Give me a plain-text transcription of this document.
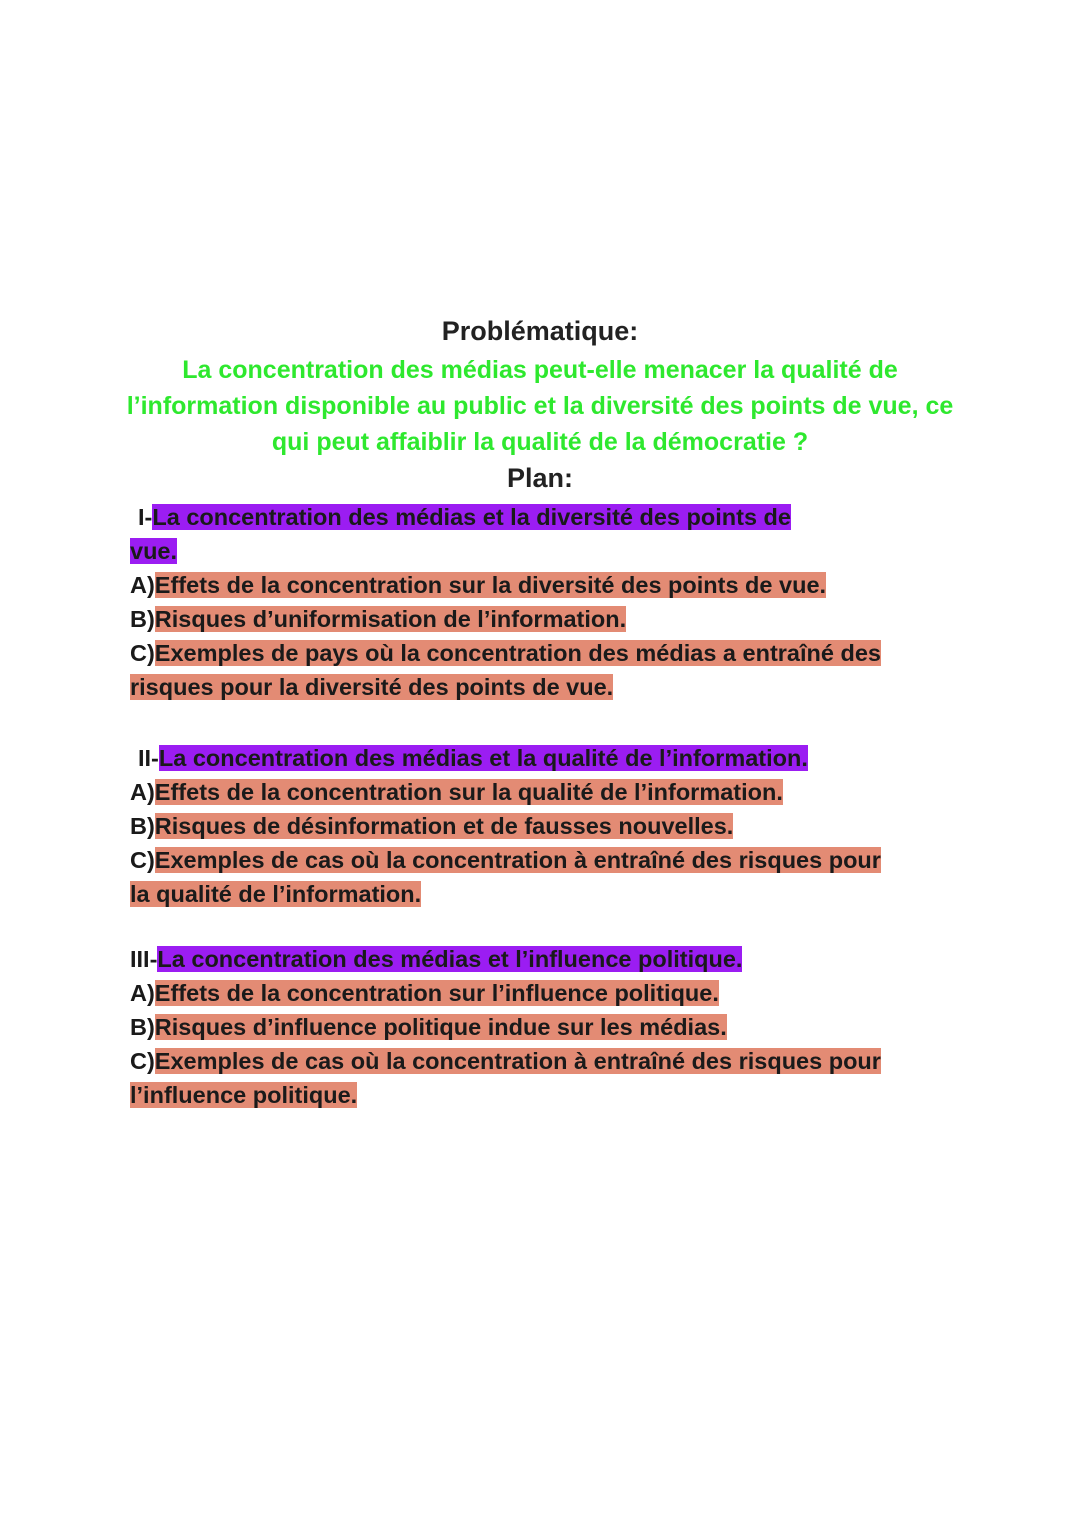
Problématique:
La concentration des médias peut-elle menacer la qualité de l’information disponible au public et la diversité des points de vue, ce qui peut affaiblir la qualité de la démocratie ?
Plan:
I-La concentration des médias et la diversité des points de
vue.
A)Effets de la concentration sur la diversité des points de vue.
B)Risques d’uniformisation de l’information.
C)Exemples de pays où la concentration des médias a entraîné des
risques pour la diversité des points de vue.
II-La concentration des médias et la qualité de l’information.
A)Effets de la concentration sur la qualité de l’information.
B)Risques de désinformation et de fausses nouvelles.
C)Exemples de cas où la concentration à entraîné des risques pour
la qualité de l’information.
III-La concentration des médias et l’influence politique.
A)Effets de la concentration sur l’influence politique.
B)Risques d’influence politique indue sur les médias.
C)Exemples de cas où la concentration à entraîné des risques pour
l’influence politique.
